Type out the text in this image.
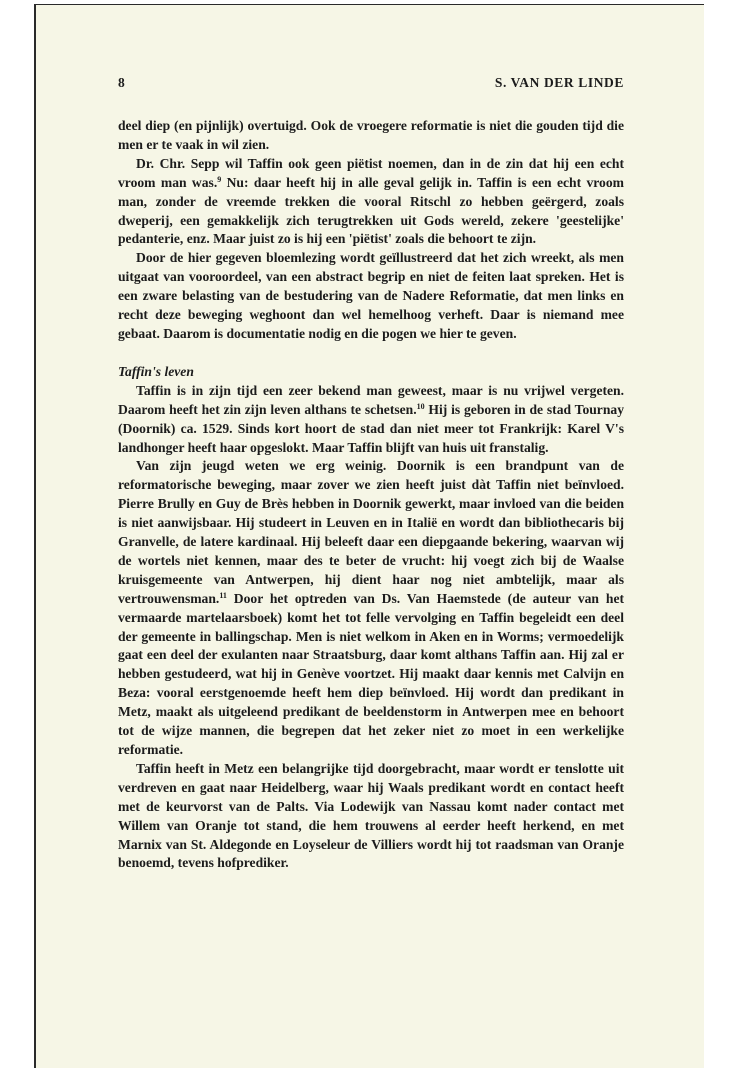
8	S. VAN DER LINDE

deel diep (en pijnlijk) overtuigd. Ook de vroegere reformatie is niet die gouden tijd die men er te vaak in wil zien.

Dr. Chr. Sepp wil Taffin ook geen piëtist noemen, dan in de zin dat hij een echt vroom man was.$^9$ Nu: daar heeft hij in alle geval gelijk in. Taffin is een echt vroom man, zonder de vreemde trekken die vooral Ritschl zo hebben geërgerd, zoals dweperij, een gemakkelijk zich terugtrekken uit Gods wereld, zekere 'geestelijke' pedanterie, enz. Maar juist zo is hij een 'piëtist' zoals die behoort te zijn.

Door de hier gegeven bloemlezing wordt geïllustreerd dat het zich wreekt, als men uitgaat van vooroordeel, van een abstract begrip en niet de feiten laat spreken. Het is een zware belasting van de bestudering van de Nadere Reformatie, dat men links en recht deze beweging weghoont dan wel hemelhoog verheft. Daar is niemand mee gebaat. Daarom is documentatie nodig en die pogen we hier te geven.

Taffin's leven

Taffin is in zijn tijd een zeer bekend man geweest, maar is nu vrijwel vergeten. Daarom heeft het zin zijn leven althans te schetsen.$^{10}$ Hij is geboren in de stad Tournay (Doornik) ca. 1529. Sinds kort hoort de stad dan niet meer tot Frankrijk: Karel V's landhonger heeft haar opgeslokt. Maar Taffin blijft van huis uit franstalig.

Van zijn jeugd weten we erg weinig. Doornik is een brandpunt van de reformatorische beweging, maar zover we zien heeft juist dàt Taffin niet beïnvloed. Pierre Brully en Guy de Brès hebben in Doornik gewerkt, maar invloed van die beiden is niet aanwijsbaar. Hij studeert in Leuven en in Italië en wordt dan bibliothecaris bij Granvelle, de latere kardinaal. Hij beleeft daar een diepgaande bekering, waarvan wij de wortels niet kennen, maar des te beter de vrucht: hij voegt zich bij de Waalse kruisgemeente van Antwerpen, hij dient haar nog niet ambtelijk, maar als vertrouwensman.$^{11}$ Door het optreden van Ds. Van Haemstede (de auteur van het vermaarde martelaarsboek) komt het tot felle vervolging en Taffin begeleidt een deel der gemeente in ballingschap. Men is niet welkom in Aken en in Worms; vermoedelijk gaat een deel der exulanten naar Straatsburg, daar komt althans Taffin aan. Hij zal er hebben gestudeerd, wat hij in Genève voortzet. Hij maakt daar kennis met Calvijn en Beza: vooral eerstgenoemde heeft hem diep beïnvloed. Hij wordt dan predikant in Metz, maakt als uitgeleend predikant de beeldenstorm in Antwerpen mee en behoort tot de wijze mannen, die begrepen dat het zeker niet zo moet in een werkelijke reformatie.

Taffin heeft in Metz een belangrijke tijd doorgebracht, maar wordt er tenslotte uit verdreven en gaat naar Heidelberg, waar hij Waals predikant wordt en contact heeft met de keurvorst van de Palts. Via Lodewijk van Nassau komt nader contact met Willem van Oranje tot stand, die hem trouwens al eerder heeft herkend, en met Marnix van St. Aldegonde en Loyseleur de Villiers wordt hij tot raadsman van Oranje benoemd, tevens hofprediker.
